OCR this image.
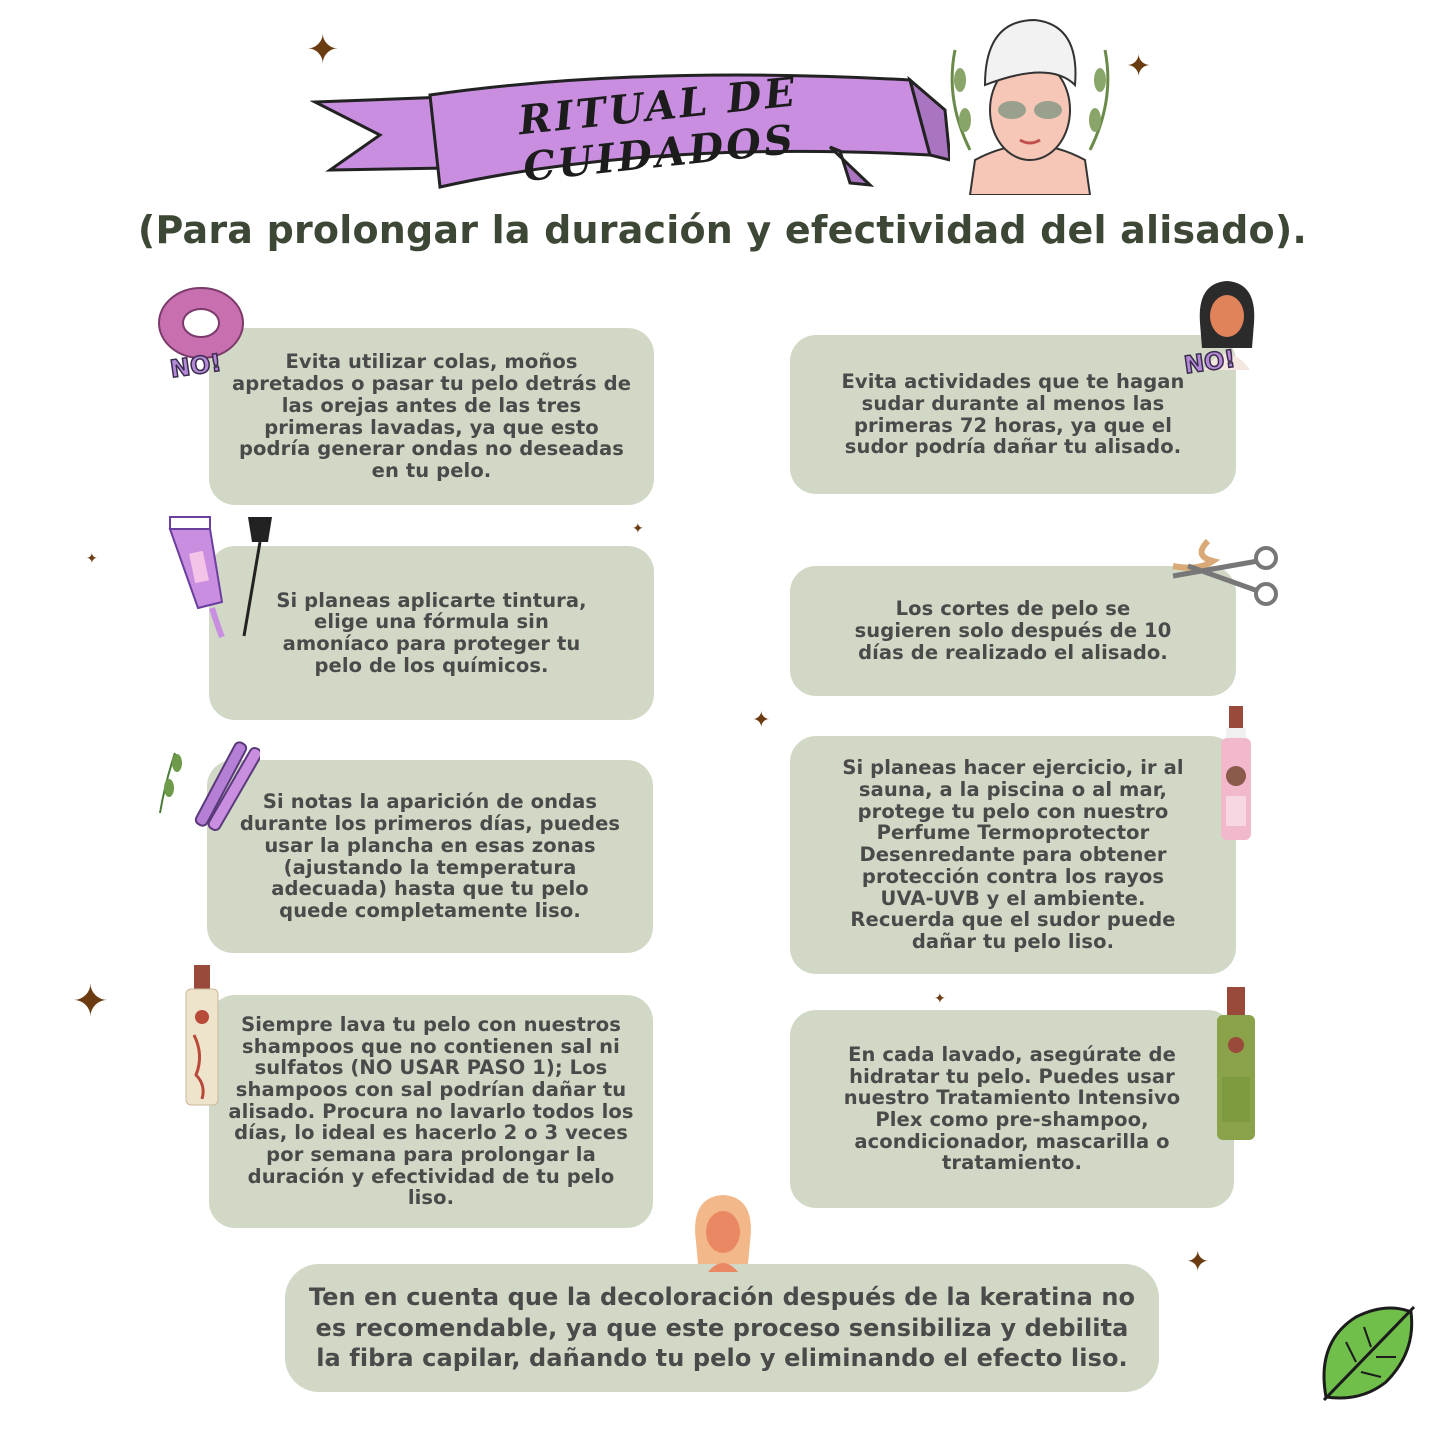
✦	✦
✦
✦
✦
✦	✦
✦
RITUAL DE CUIDADOS
(Para prolongar la duración y efectividad del alisado).

Evita utilizar colas, moños apretados o pasar tu pelo detrás de las orejas antes de las tres primeras lavadas, ya que esto podría generar ondas no deseadas en tu pelo.

Si planeas aplicarte tintura, elige una fórmula sin amoníaco para proteger tu pelo de los químicos.

Si notas la aparición de ondas durante los primeros días, puedes usar la plancha en esas zonas (ajustando la temperatura adecuada) hasta que tu pelo quede completamente liso.

Siempre lava tu pelo con nuestros shampoos que no contienen sal ni sulfatos (NO USAR PASO 1); Los shampoos con sal podrían dañar tu alisado. Procura no lavarlo todos los días, lo ideal es hacerlo 2 o 3 veces por semana para prolongar la duración y efectividad de tu pelo liso.

Evita actividades que te hagan sudar durante al menos las primeras 72 horas, ya que el sudor podría dañar tu alisado.

Los cortes de pelo se sugieren solo después de 10 días de realizado el alisado.

Si planeas hacer ejercicio, ir al sauna, a la piscina o al mar, protege tu pelo con nuestro Perfume Termoprotector Desenredante para obtener protección contra los rayos UVA-UVB y el ambiente. Recuerda que el sudor puede dañar tu pelo liso.

En cada lavado, asegúrate de hidratar tu pelo. Puedes usar nuestro Tratamiento Intensivo Plex como pre-shampoo, acondicionador, mascarilla o tratamiento.

Ten en cuenta que la decoloración después de la keratina no es recomendable, ya que este proceso sensibiliza y debilita la fibra capilar, dañando tu pelo y eliminando el efecto liso.

NO!	NO!
